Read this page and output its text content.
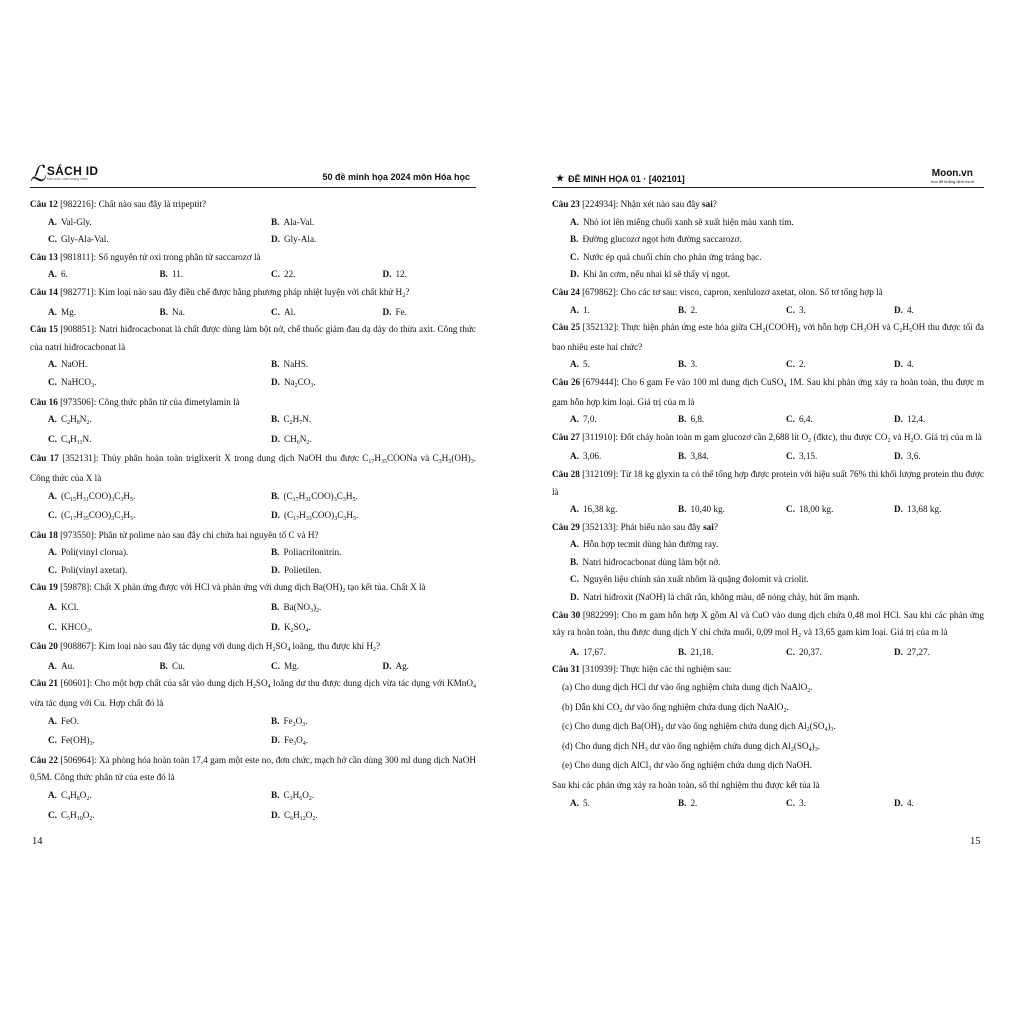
ℒ SÁCH ID
Một cuộc cách mạng Sách	50 đề minh họa 2024 môn Hóa học
Câu 12 [982216]: Chất nào sau đây là tripeptit?
A. Val-Gly.	B. Ala-Val.
C. Gly-Ala-Val.	D. Gly-Ala.
Câu 13 [981811]: Số nguyên tử oxi trong phân tử saccarozơ là
A. 6.	B. 11.	C. 22.	D. 12.
Câu 14 [982771]: Kim loại nào sau đây điều chế được bằng phương pháp nhiệt luyện với chất khử $H_2$?
A. Mg.	B. Na.	C. Al.	D. Fe.
Câu 15 [908851]: Natri hiđrocacbonat là chất được dùng làm bột nở, chế thuốc giảm đau dạ dày do thừa axit. Công thức của natri hiđrocacbonat là
A. NaOH.	B. NaHS.
C. NaHCO$_3$.	D. $Na_2CO_3$.
Câu 16 [973506]: Công thức phân tử của đimetylamin là
A. $C_2H_8N_2$.	B. $C_2H_7N$.
C. $C_4H_{11}N$.	D. $CH_6N_2$.
Câu 17 [352131]: Thủy phân hoàn toàn triglixerit X trong dung dịch NaOH thu được $C_{17}H_{35}COONa$ và $C_3H_5(OH)_3$. Công thức của X là
A. $(C_{15}H_{31}COO)_3C_3H_5$.	B. $(C_{17}H_{31}COO)_3C_3H_5$.
C. $(C_{17}H_{35}COO)_3C_3H_5$.	D. $(C_{17}H_{33}COO)_3C_3H_5$.
Câu 18 [973550]: Phân tử polime nào sau đây chỉ chứa hai nguyên tố C và H?
A. Poli(vinyl clorua).	B. Poliacrilonitrin.
C. Poli(vinyl axetat).	D. Polietilen.
Câu 19 [59878]: Chất X phản ứng được với HCl và phản ứng với dung dịch $Ba(OH)_2$ tạo kết tủa. Chất X là
A. KCl.	B. $Ba(NO_3)_2$.
C. $KHCO_3$.	D. $K_2SO_4$.
Câu 20 [908867]: Kim loại nào sau đây tác dụng với dung dịch $H_2SO_4$ loãng, thu được khí $H_2$?
A. Au.	B. Cu.	C. Mg.	D. Ag.
Câu 21 [60601]: Cho một hợp chất của sắt vào dung dịch $H_2SO_4$ loãng dư thu được dung dịch vừa tác dụng với KMnO$_4$ vừa tác dụng với Cu. Hợp chất đó là
A. FeO.	B. $Fe_2O_3$.
C. $Fe(OH)_3$.	D. $Fe_3O_4$.
Câu 22 [506964]: Xà phòng hóa hoàn toàn 17,4 gam một este no, đơn chức, mạch hở cần dùng 300 ml dung dịch NaOH 0,5M. Công thức phân tử của este đó là
A. $C_4H_8O_2$.	B. $C_3H_6O_2$.
C. $C_5H_{10}O_2$.	D. $C_6H_{12}O_2$.
14
★ ĐỀ MINH HỌA 01 · [402101]	Moon.vn
Học để khẳng định mình
Câu 23 [224934]: Nhận xét nào sau đây sai?
A. Nhỏ iot lên miếng chuối xanh sẽ xuất hiện màu xanh tím.
B. Đường glucozơ ngọt hơn đường saccarozơ.
C. Nước ép quả chuối chín cho phản ứng tráng bạc.
D. Khi ăn cơm, nếu nhai kĩ sẽ thấy vị ngọt.
Câu 24 [679862]: Cho các tơ sau: visco, capron, xenlulozơ axetat, olon. Số tơ tổng hợp là
A. 1.	B. 2.	C. 3.	D. 4.
Câu 25 [352132]: Thực hiện phản ứng este hóa giữa $CH_2(COOH)_2$ với hỗn hợp $CH_3OH$ và $C_2H_5OH$ thu được tối đa bao nhiêu este hai chức?
A. 5.	B. 3.	C. 2.	D. 4.
Câu 26 [679444]: Cho 6 gam Fe vào 100 ml dung dịch CuSO$_4$ 1M. Sau khi phản ứng xảy ra hoàn toàn, thu được m gam hỗn hợp kim loại. Giá trị của m là
A. 7,0.	B. 6,8.	C. 6,4.	D. 12,4.
Câu 27 [311910]: Đốt cháy hoàn toàn m gam glucozơ cần 2,688 lít $O_2$ (đktc), thu được $CO_2$ và $H_2O$. Giá trị của m là
A. 3,06.	B. 3,84.	C. 3,15.	D. 3,6.
Câu 28 [312109]: Từ 18 kg glyxin ta có thể tổng hợp được protein với hiệu suất 76% thì khối lượng protein thu được là
A. 16,38 kg.	B. 10,40 kg.	C. 18,00 kg.	D. 13,68 kg.
Câu 29 [352133]: Phát biểu nào sau đây sai?
A. Hỗn hợp tecmit dùng hàn đường ray.
B. Natri hiđrocacbonat dùng làm bột nở.
C. Nguyên liệu chính sản xuất nhôm là quặng đolomit và criolit.
D. Natri hiđroxit (NaOH) là chất rắn, không màu, dễ nóng chảy, hút ẩm mạnh.
Câu 30 [982299]: Cho m gam hỗn hợp X gồm Al và CuO vào dung dịch chứa 0,48 mol HCl. Sau khi các phản ứng xảy ra hoàn toàn, thu được dung dịch Y chỉ chứa muối, 0,09 mol $H_2$ và 13,65 gam kim loại. Giá trị của m là
A. 17,67.	B. 21,18.	C. 20,37.	D. 27,27.
Câu 31 [310939]: Thực hiện các thí nghiệm sau:
(a) Cho dung dịch HCl dư vào ống nghiệm chứa dung dịch NaAlO$_2$.
(b) Dẫn khí $CO_2$ dư vào ống nghiệm chứa dung dịch NaAlO$_2$.
(c) Cho dung dịch $Ba(OH)_2$ dư vào ống nghiệm chứa dung dịch $Al_2(SO_4)_3$.
(d) Cho dung dịch $NH_3$ dư vào ống nghiệm chứa dung dịch $Al_2(SO_4)_3$.
(e) Cho dung dịch AlCl$_3$ dư vào ống nghiệm chứa dung dịch NaOH.
Sau khi các phản ứng xảy ra hoàn toàn, số thí nghiệm thu được kết tủa là
A. 5.	B. 2.	C. 3.	D. 4.
15
